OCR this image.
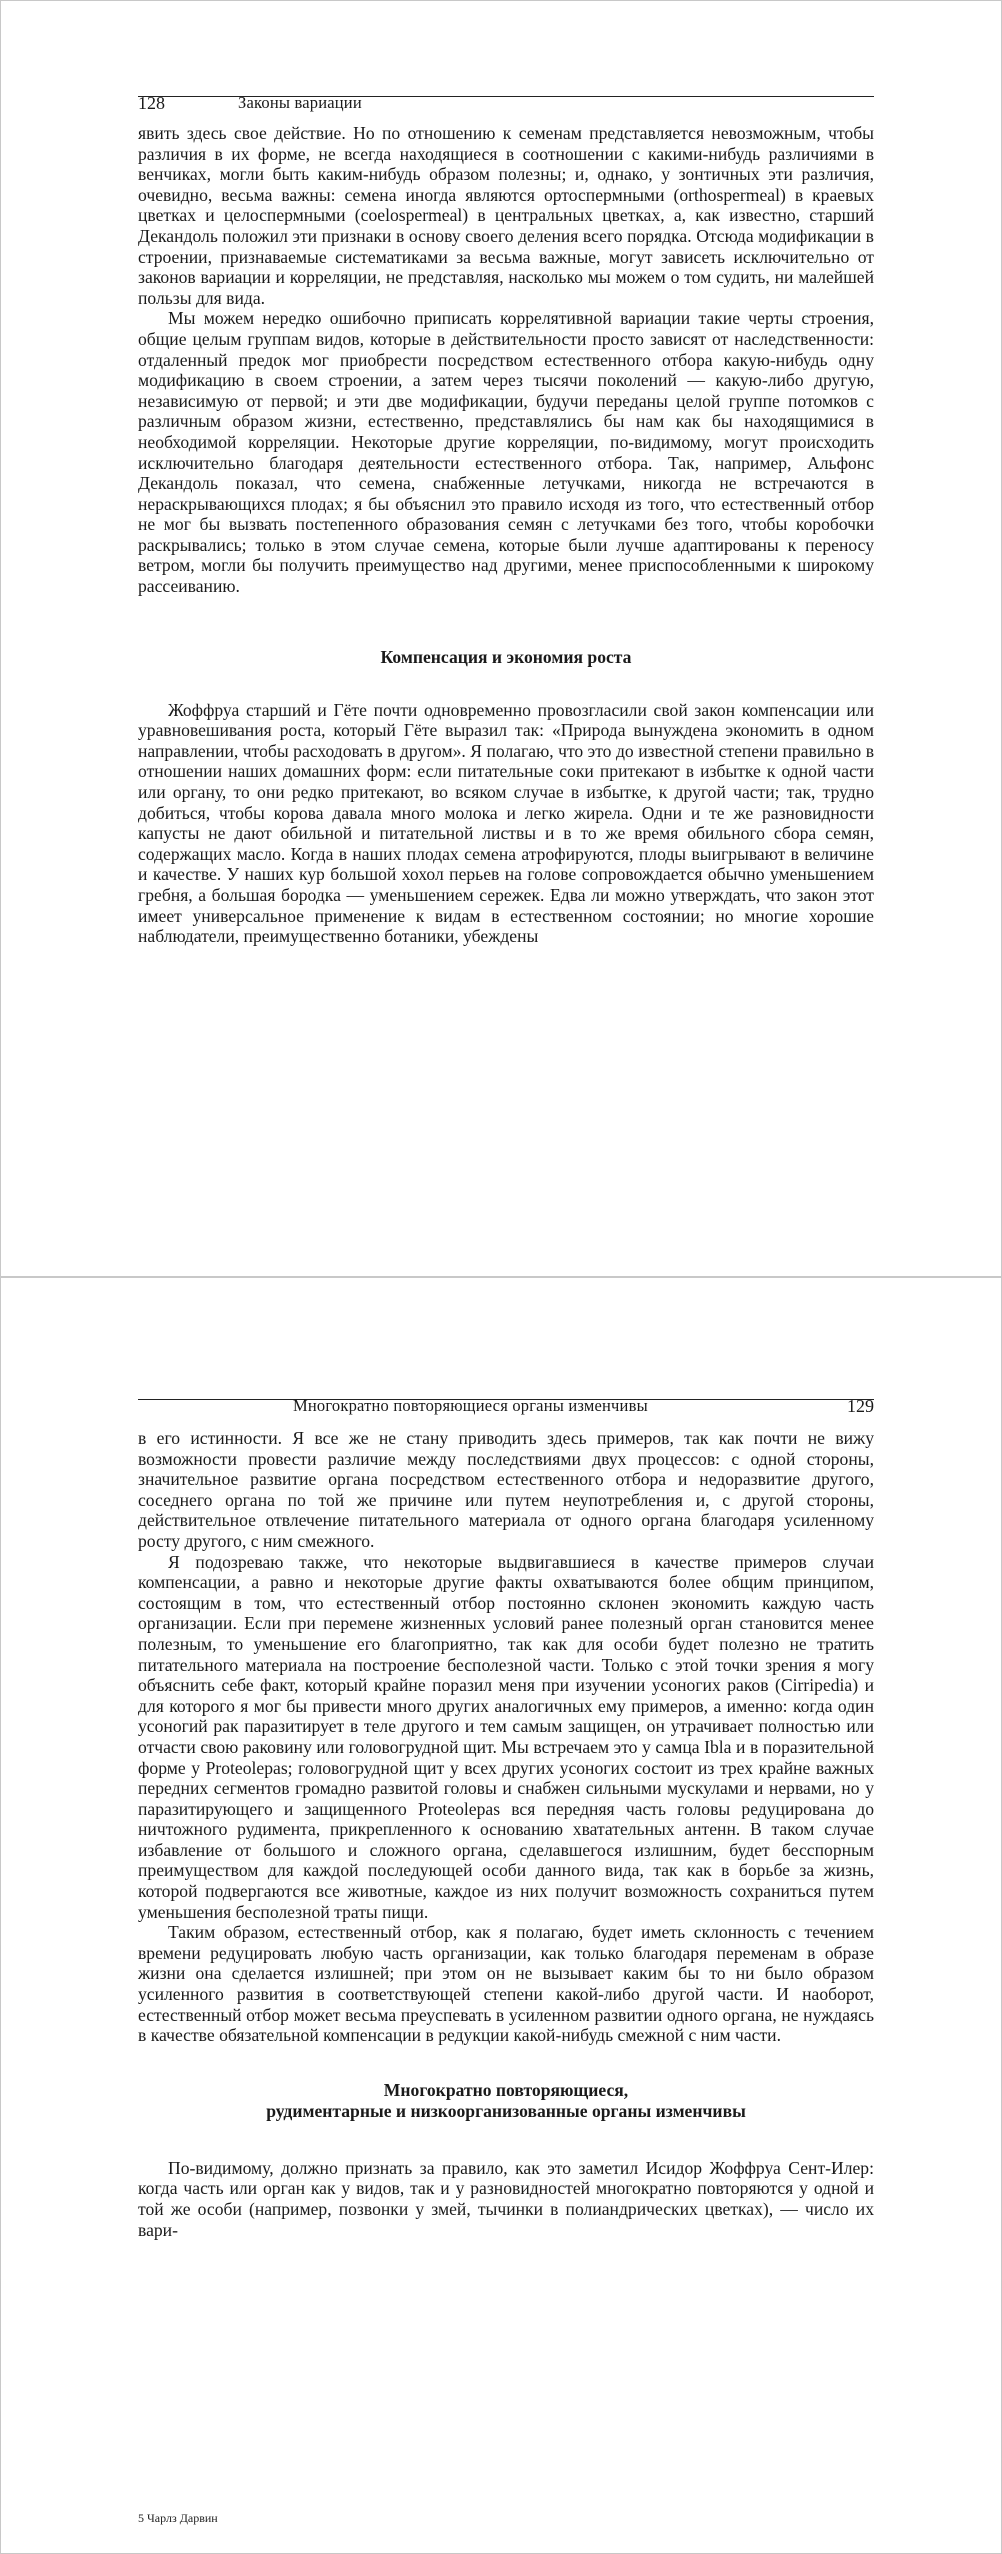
128	Законы вариации

явить здесь свое действие. Но по отношению к семенам представляется невозможным, чтобы различия в их форме, не всегда находящиеся в соотношении с какими-нибудь различиями в венчиках, могли быть каким-нибудь образом полезны; и, однако, у зонтичных эти различия, очевидно, весьма важны: семена иногда являются ортоспермными (orthospermeal) в краевых цветках и целоспермными (coelospermeal) в центральных цветках, а, как известно, старший Декандоль положил эти признаки в основу своего деления всего порядка. Отсюда модификации в строении, признаваемые систематиками за весьма важные, могут зависеть исключительно от законов вариации и корреляции, не представляя, насколько мы можем о том судить, ни малейшей пользы для вида.

Мы можем нередко ошибочно приписать коррелятивной вариации такие черты строения, общие целым группам видов, которые в действительности просто зависят от наследственности: отдаленный предок мог приобрести посредством естественного отбора какую-нибудь одну модификацию в своем строении, а затем через тысячи поколений — какую-либо другую, независимую от первой; и эти две модификации, будучи переданы целой группе потомков с различным образом жизни, естественно, представлялись бы нам как бы находящимися в необходимой корреляции. Некоторые другие корреляции, по-видимому, могут происходить исключительно благодаря деятельности естественного отбора. Так, например, Альфонс Декандоль показал, что семена, снабженные летучками, никогда не встречаются в нераскрывающихся плодах; я бы объяснил это правило исходя из того, что естественный отбор не мог бы вызвать постепенного образования семян с летучками без того, чтобы коробочки раскрывались; только в этом случае семена, которые были лучше адаптированы к переносу ветром, могли бы получить преимущество над другими, менее приспособленными к широкому рассеиванию.

Компенсация и экономия роста

Жоффруа старший и Гёте почти одновременно провозгласили свой закон компенсации или уравновешивания роста, который Гёте выразил так: «Природа вынуждена экономить в одном направлении, чтобы расходовать в другом». Я полагаю, что это до известной степени правильно в отношении наших домашних форм: если питательные соки притекают в избытке к одной части или органу, то они редко притекают, во всяком случае в избытке, к другой части; так, трудно добиться, чтобы корова давала много молока и легко жирела. Одни и те же разновидности капусты не дают обильной и питательной листвы и в то же время обильного сбора семян, содержащих масло. Когда в наших плодах семена атрофируются, плоды выигрывают в величине и качестве. У наших кур большой хохол перьев на голове сопровождается обычно уменьшением гребня, а большая бородка — уменьшением сережек. Едва ли можно утверждать, что закон этот имеет универсальное применение к видам в естественном состоянии; но многие хорошие наблюдатели, преимущественно ботаники, убеждены

Многократно повторяющиеся органы изменчивы	129

в его истинности. Я все же не стану приводить здесь примеров, так как почти не вижу возможности провести различие между последствиями двух процессов: с одной стороны, значительное развитие органа посредством естественного отбора и недоразвитие другого, соседнего органа по той же причине или путем неупотребления и, с другой стороны, действительное отвлечение питательного материала от одного органа благодаря усиленному росту другого, с ним смежного.

Я подозреваю также, что некоторые выдвигавшиеся в качестве примеров случаи компенсации, а равно и некоторые другие факты охватываются более общим принципом, состоящим в том, что естественный отбор постоянно склонен экономить каждую часть организации. Если при перемене жизненных условий ранее полезный орган становится менее полезным, то уменьшение его благоприятно, так как для особи будет полезно не тратить питательного материала на построение бесполезной части. Только с этой точки зрения я могу объяснить себе факт, который крайне поразил меня при изучении усоногих раков (Cirripedia) и для которого я мог бы привести много других аналогичных ему примеров, а именно: когда один усоногий рак паразитирует в теле другого и тем самым защищен, он утрачивает полностью или отчасти свою раковину или головогрудной щит. Мы встречаем это у самца Ibla и в поразительной форме у Proteolepas; головогрудной щит у всех других усоногих состоит из трех крайне важных передних сегментов громадно развитой головы и снабжен сильными мускулами и нервами, но у паразитирующего и защищенного Proteolepas вся передняя часть головы редуцирована до ничтожного рудимента, прикрепленного к основанию хватательных антенн. В таком случае избавление от большого и сложного органа, сделавшегося излишним, будет бесспорным преимуществом для каждой последующей особи данного вида, так как в борьбе за жизнь, которой подвергаются все животные, каждое из них получит возможность сохраниться путем уменьшения бесполезной траты пищи.

Таким образом, естественный отбор, как я полагаю, будет иметь склонность с течением времени редуцировать любую часть организации, как только благодаря переменам в образе жизни она сделается излишней; при этом он не вызывает каким бы то ни было образом усиленного развития в соответствующей степени какой-либо другой части. И наоборот, естественный отбор может весьма преуспевать в усиленном развитии одного органа, не нуждаясь в качестве обязательной компенсации в редукции какой-нибудь смежной с ним части.

Многократно повторяющиеся,
рудиментарные и низкоорганизованные органы изменчивы

По-видимому, должно признать за правило, как это заметил Исидор Жоффруа Сент-Илер: когда часть или орган как у видов, так и у разновидностей многократно повторяются у одной и той же особи (например, позвонки у змей, тычинки в полиандрических цветках), — число их вари-

5 Чарлз Дарвин
